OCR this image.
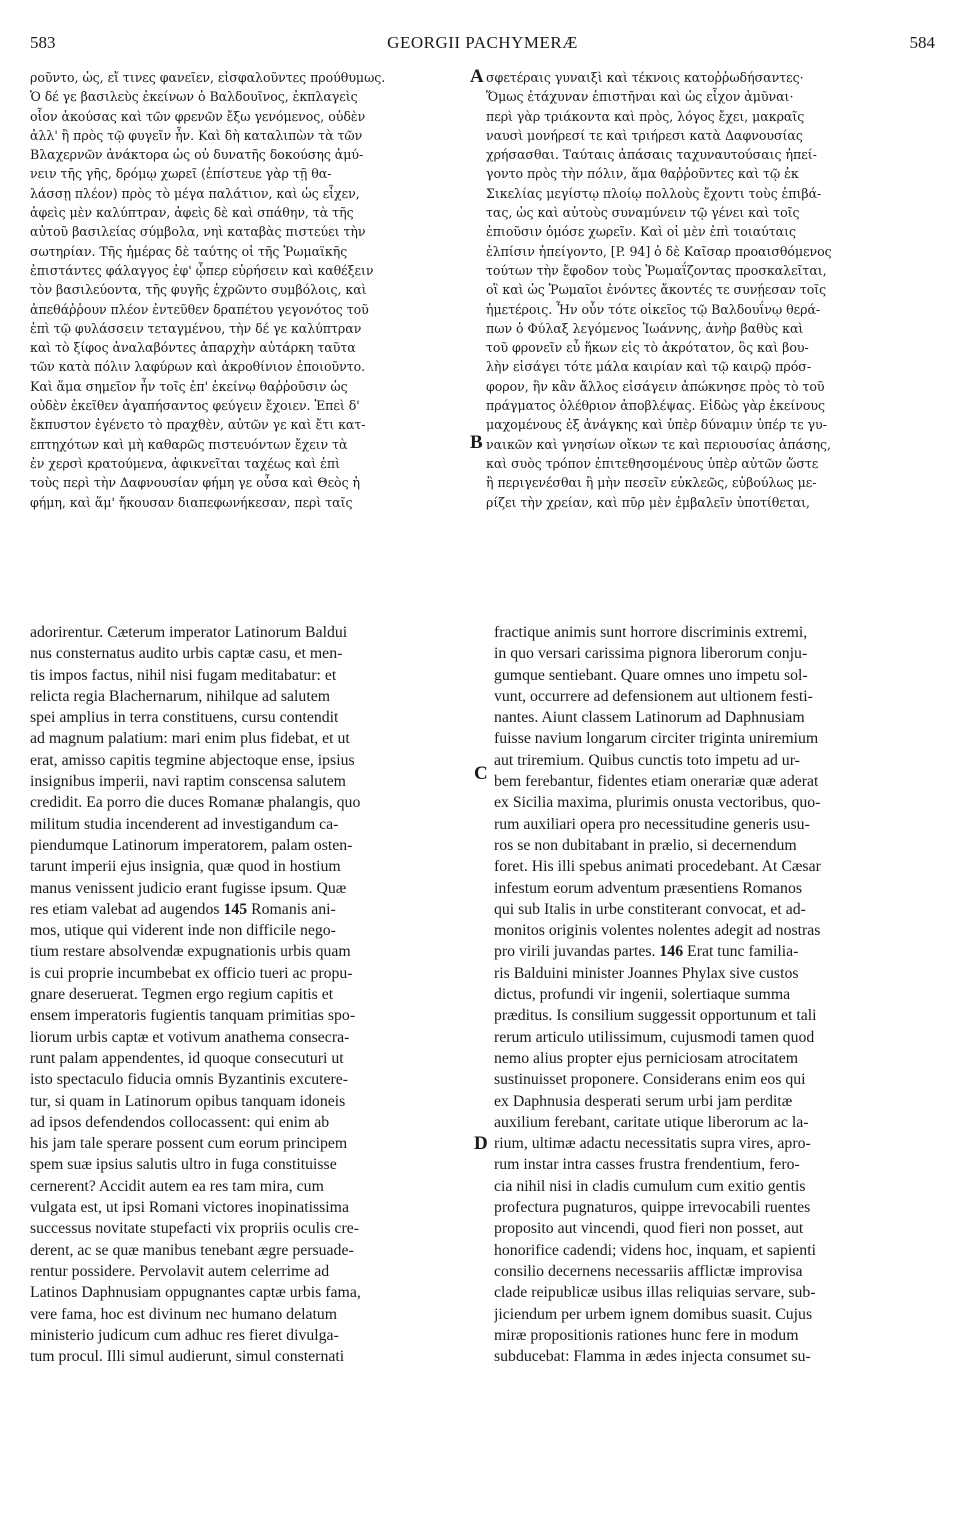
583	GEORGII PACHYMERÆ	584
ροῦντο, ὡς, εἴ τινες φανεῖεν, εἰσφαλοῦντες προύθυμως.
Ὁ δέ γε βασιλεὺς ἐκείνων ὁ Βαλδουῖνος, ἐκπλαγεὶς
οἷον ἀκούσας καὶ τῶν φρενῶν ἔξω γενόμενος, οὐδὲν
ἀλλ' ἢ πρὸς τῷ φυγεῖν ἦν. Καὶ δὴ καταλιπὼν τὰ τῶν
Βλαχερνῶν ἀνάκτορα ὡς οὐ δυνατῆς δοκούσης ἀμύ-
νειν τῆς γῆς, δρόμῳ χωρεῖ (ἐπίστευε γὰρ τῇ θα-
λάσσῃ πλέον) πρὸς τὸ μέγα παλάτιον, καὶ ὡς εἶχεν,
ἀφεὶς μὲν καλύπτραν, ἀφεὶς δὲ καὶ σπάθην, τὰ τῆς
αὐτοῦ βασιλείας σύμβολα, νηὶ καταβὰς πιστεύει τὴν
σωτηρίαν. Τῆς ἡμέρας δὲ ταύτης οἱ τῆς Ῥωμαϊκῆς
ἐπιστάντες φάλαγγος ἐφ' ᾧπερ εὑρήσειν καὶ καθέξειν
τὸν βασιλεύοντα, τῆς φυγῆς ἐχρῶντο συμβόλοις, καὶ
ἀπεθάῤῥουν πλέον ἐντεῦθεν δραπέτου γεγονότος τοῦ
ἐπὶ τῷ φυλάσσειν τεταγμένου, τὴν δέ γε καλύπτραν
καὶ τὸ ξίφος ἀναλαβόντες ἀπαρχὴν αὐτάρκη ταῦτα
τῶν κατὰ πόλιν λαφύρων καὶ ἀκροθίνιον ἐποιοῦντο.
Καὶ ἅμα σημεῖον ἦν τοῖς ἐπ' ἐκείνῳ θαῤῥοῦσιν ὡς
οὐδὲν ἐκεῖθεν ἀγαπήσαντος φεύγειν ἔχοιεν. Ἐπεὶ δ'
ἔκπυστον ἐγένετο τὸ πραχθὲν, αὐτῶν γε καὶ ἔτι κατ-
επτηχότων καὶ μὴ καθαρῶς πιστευόντων ἔχειν τὰ
ἐν χερσὶ κρατούμενα, ἀφικνεῖται ταχέως καὶ ἐπὶ
τοὺς περὶ τὴν Δαφνουσίαν φήμη γε οὖσα καὶ Θεὸς ἡ
φήμη, καὶ ἅμ' ἤκουσαν διαπεφωνήκεσαν, περὶ ταῖς
σφετέραις γυναιξὶ καὶ τέκνοις κατοῤῥωδήσαντες·
Ὅμως ἐτάχυναν ἐπιστῆναι καὶ ὡς εἶχον ἀμῦναι·
περὶ γὰρ τριάκοντα καὶ πρὸς, λόγος ἔχει, μακραῖς
ναυσὶ μονήρεσί τε καὶ τριήρεσι κατὰ Δαφνουσίας
χρήσασθαι. Ταύταις ἁπάσαις ταχυναυτούσαις ἠπεί-
γοντο πρὸς τὴν πόλιν, ἅμα θαῤῥοῦντες καὶ τῷ ἐκ
Σικελίας μεγίστῳ πλοίῳ πολλοὺς ἔχοντι τοὺς ἐπιβά-
τας, ὡς καὶ αὐτοὺς συναμύνειν τῷ γένει καὶ τοῖς
ἐπιοῦσιν ὁμόσε χωρεῖν. Καὶ οἱ μὲν ἐπὶ τοιαύταις
ἐλπίσιν ἠπείγοντο, [P. 94] ὁ δὲ Καῖσαρ προαισθόμενος
τούτων τὴν ἔφοδον τοὺς Ῥωμαΐζοντας προσκαλεῖται,
οἳ καὶ ὡς Ῥωμαῖοι ἐνόντες ἄκοντές τε συνῄεσαν τοῖς
ἡμετέροις. Ἦν οὖν τότε οἰκεῖος τῷ Βαλδουΐνῳ θερά-
πων ὁ Φύλαξ λεγόμενος Ἰωάννης, ἀνὴρ βαθὺς καὶ
τοῦ φρονεῖν εὖ ἥκων εἰς τὸ ἀκρότατον, ὃς καὶ βου-
λὴν εἰσάγει τότε μάλα καιρίαν καὶ τῷ καιρῷ πρόσ-
φορον, ἣν κἂν ἄλλος εἰσάγειν ἀπώκνησε πρὸς τὸ τοῦ
πράγματος ὀλέθριον ἀποβλέψας. Εἰδὼς γὰρ ἐκείνους
μαχομένους ἐξ ἀνάγκης καὶ ὑπὲρ δύναμιν ὑπέρ τε γυ-
ναικῶν καὶ γνησίων οἴκων τε καὶ περιουσίας ἁπάσης,
καὶ συὸς τρόπον ἐπιτεθησομένους ὑπὲρ αὐτῶν ὥστε
ἢ περιγενέσθαι ἢ μὴν πεσεῖν εὐκλεῶς, εὐβούλως με-
ρίζει τὴν χρείαν, καὶ πῦρ μὲν ἐμβαλεῖν ὑποτίθεται,
adorirentur. Cæterum imperator Latinorum Baldui
nus consternatus audito urbis captæ casu, et men-
tis impos factus, nihil nisi fugam meditabatur: et
relicta regia Blachernarum, nihilque ad salutem
spei amplius in terra constituens, cursu contendit
ad magnum palatium: mari enim plus fidebat, et ut
erat, amisso capitis tegmine abjectoque ense, ipsius
insignibus imperii, navi raptim conscensa salutem
credidit. Ea porro die duces Romanæ phalangis, quo
militum studia incenderent ad investigandum ca-
piendumque Latinorum imperatorem, palam osten-
tarunt imperii ejus insignia, quæ quod in hostium
manus venissent judicio erant fugisse ipsum. Quæ
res etiam valebat ad augendos 145 Romanis ani-
mos, utique qui viderent inde non difficile nego-
tium restare absolvendæ expugnationis urbis quam
is cui proprie incumbebat ex officio tueri ac propu-
gnare deseruerat. Tegmen ergo regium capitis et
ensem imperatoris fugientis tanquam primitias spo-
liorum urbis captæ et votivum anathema consecra-
runt palam appendentes, id quoque consecuturi ut
isto spectaculo fiducia omnis Byzantinis excutere-
tur, si quam in Latinorum opibus tanquam idoneis
ad ipsos defendendos collocassent: qui enim ab
his jam tale sperare possent cum eorum principem
spem suæ ipsius salutis ultro in fuga constituisse
cernerent? Accidit autem ea res tam mira, cum
vulgata est, ut ipsi Romani victores inopinatissima
successus novitate stupefacti vix propriis oculis cre-
derent, ac se quæ manibus tenebant ægre persuade-
rentur possidere. Pervolavit autem celerrime ad
Latinos Daphnusiam oppugnantes captæ urbis fama,
vere fama, hoc est divinum nec humano delatum
ministerio judicum cum adhuc res fieret divulga-
tum procul. Illi simul audierunt, simul consternati
fractique animis sunt horrore discriminis extremi,
in quo versari carissima pignora liberorum conju-
gumque sentiebant. Quare omnes uno impetu sol-
vunt, occurrere ad defensionem aut ultionem festi-
nantes. Aiunt classem Latinorum ad Daphnusiam
fuisse navium longarum circiter triginta uniremium
aut triremium. Quibus cunctis toto impetu ad ur-
bem ferebantur, fidentes etiam onerariæ quæ aderat
ex Sicilia maxima, plurimis onusta vectoribus, quo-
rum auxiliari opera pro necessitudine generis usu-
ros se non dubitabant in prælio, si decernendum
foret. His illi spebus animati procedebant. At Cæsar
infestum eorum adventum præsentiens Romanos
qui sub Italis in urbe constiterant convocat, et ad-
monitos originis volentes nolentes adegit ad nostras
pro virili juvandas partes. 146 Erat tunc familia-
ris Balduini minister Joannes Phylax sive custos
dictus, profundi vir ingenii, solertiaque summa
præditus. Is consilium suggessit opportunum et tali
rerum articulo utilissimum, cujusmodi tamen quod
nemo alius propter ejus perniciosam atrocitatem
sustinuisset proponere. Considerans enim eos qui
ex Daphnusia desperati serum urbi jam perditæ
auxilium ferebant, caritate utique liberorum ac la-
rium, ultimæ adactu necessitatis supra vires, apro-
rum instar intra casses frustra frendentium, fero-
cia nihil nisi in cladis cumulum cum exitio gentis
profectura pugnaturos, quippe irrevocabili ruentes
proposito aut vincendi, quod fieri non posset, aut
honorifice cadendi; videns hoc, inquam, et sapienti
consilio decernens necessariis afflictæ improvisa
clade reipublicæ usibus illas reliquias servare, sub-
jiciendum per urbem ignem domibus suasit. Cujus
miræ propositionis rationes hunc fere in modum
subducebat: Flamma in ædes injecta consumet su-
A
B
C
D
